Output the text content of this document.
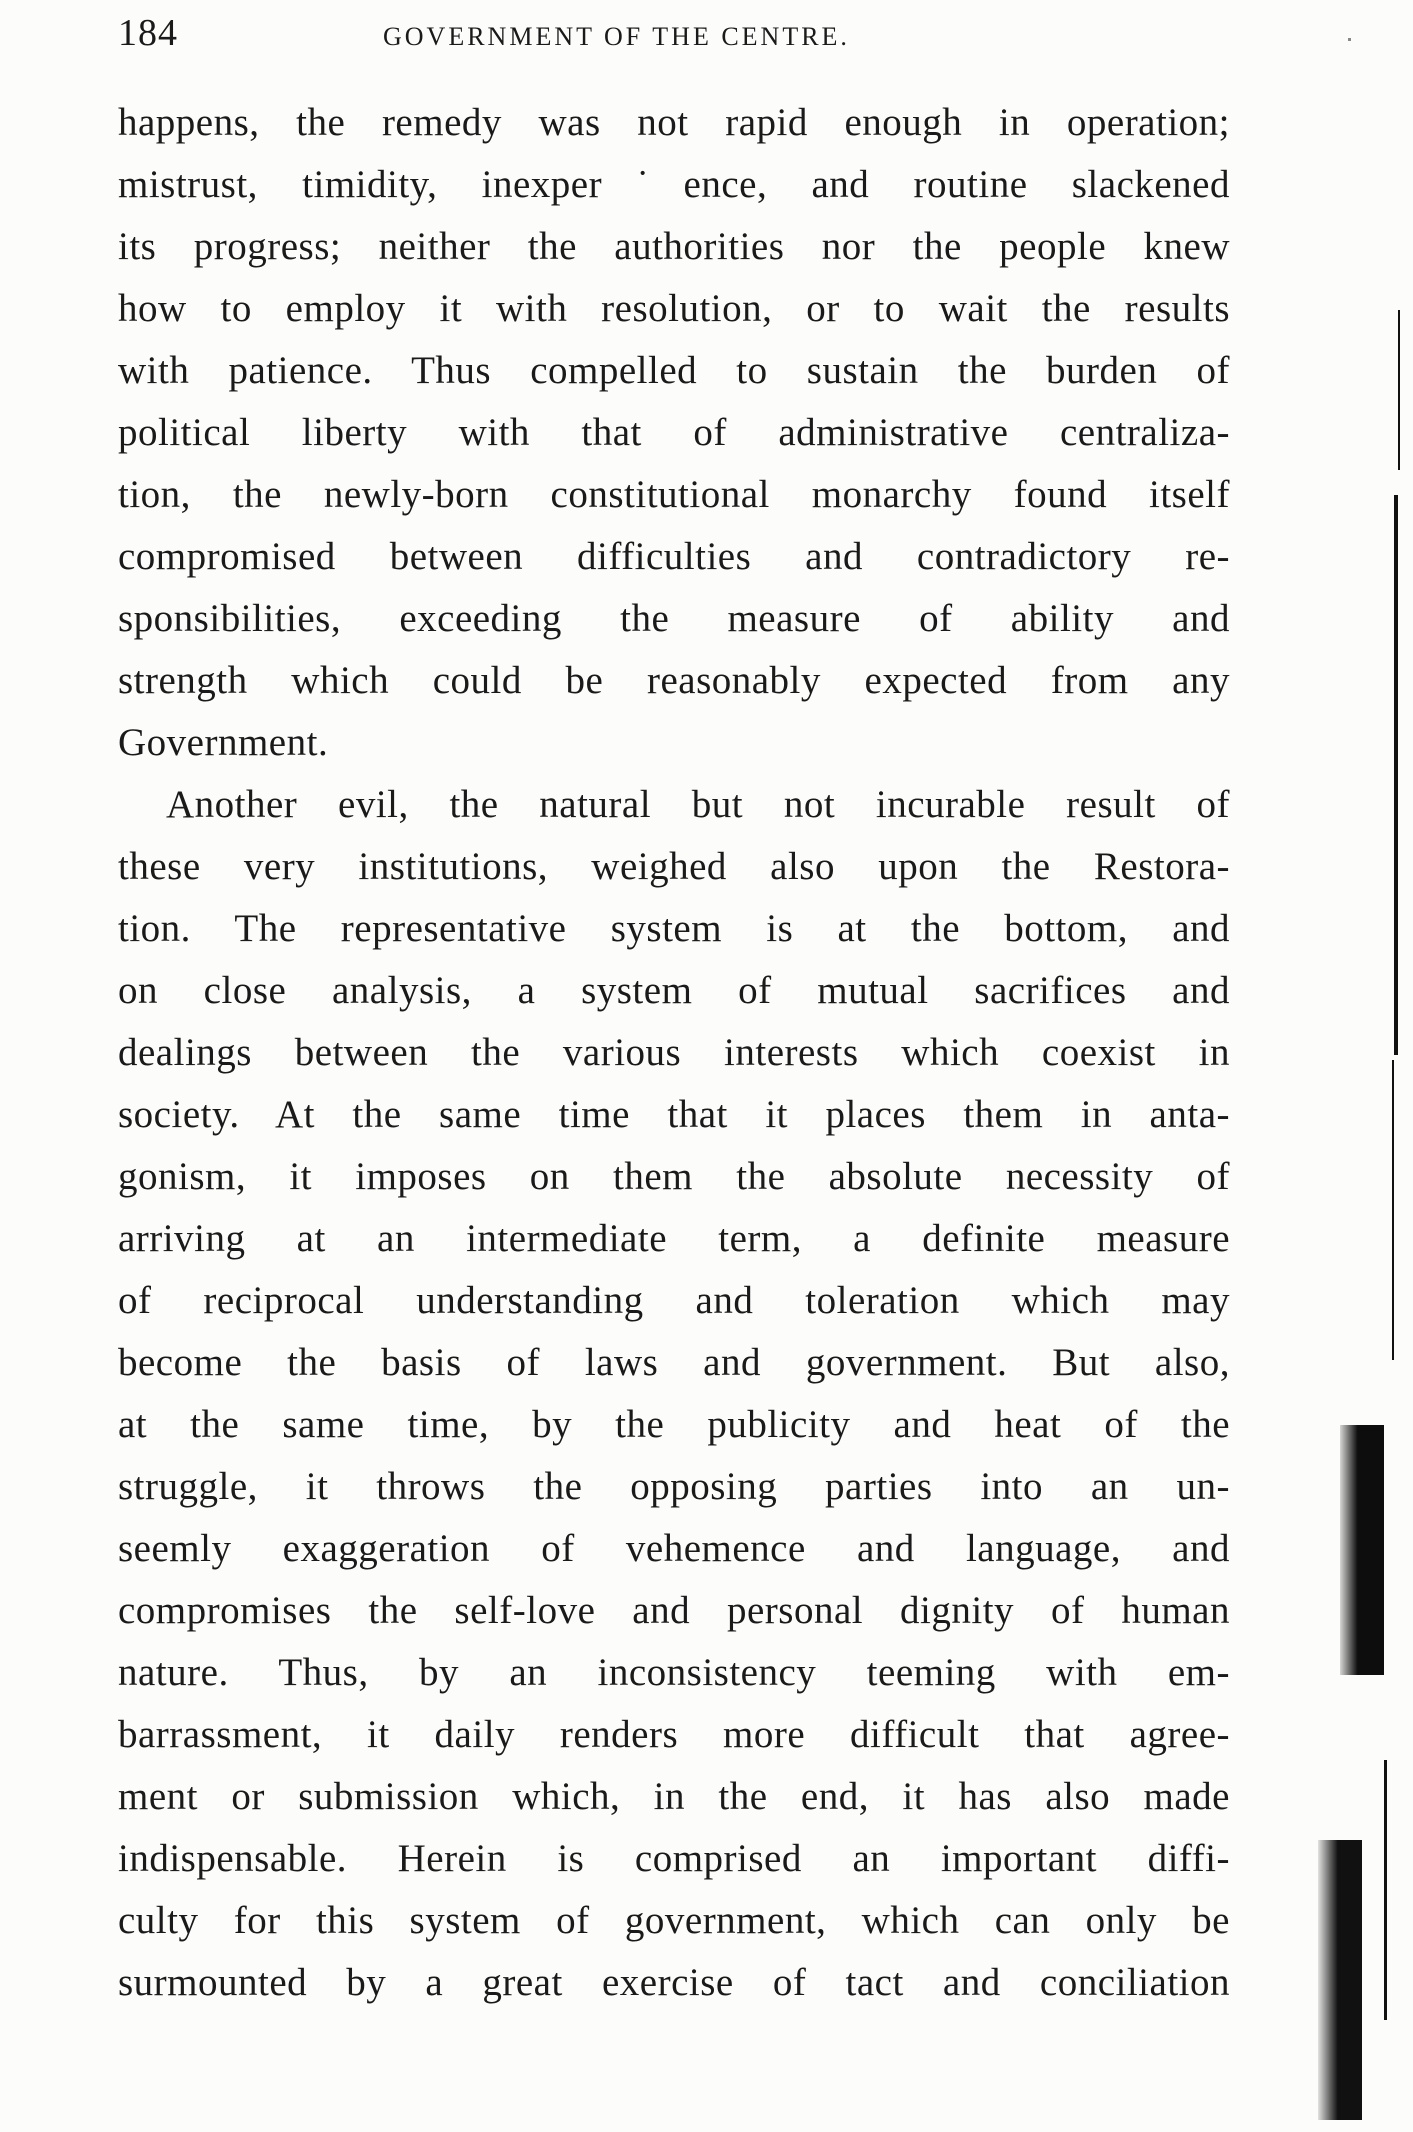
184	GOVERNMENT OF THE CENTRE.
happens, the remedy was not rapid enough in operation;
mistrust, timidity, inexper˙ence, and routine slackened
its progress; neither the authorities nor the people knew
how to employ it with resolution, or to wait the results
with patience. Thus compelled to sustain the burden of
political liberty with that of administrative centraliza-
tion, the newly-born constitutional monarchy found itself
compromised between difficulties and contradictory re-
sponsibilities, exceeding the measure of ability and
strength which could be reasonably expected from any
Government.
Another evil, the natural but not incurable result of
these very institutions, weighed also upon the Restora-
tion. The representative system is at the bottom, and
on close analysis, a system of mutual sacrifices and
dealings between the various interests which coexist in
society. At the same time that it places them in anta-
gonism, it imposes on them the absolute necessity of
arriving at an intermediate term, a definite measure
of reciprocal understanding and toleration which may
become the basis of laws and government. But also,
at the same time, by the publicity and heat of the
struggle, it throws the opposing parties into an un-
seemly exaggeration of vehemence and language, and
compromises the self-love and personal dignity of human
nature. Thus, by an inconsistency teeming with em-
barrassment, it daily renders more difficult that agree-
ment or submission which, in the end, it has also made
indispensable. Herein is comprised an important diffi-
culty for this system of government, which can only be
surmounted by a great exercise of tact and conciliation
